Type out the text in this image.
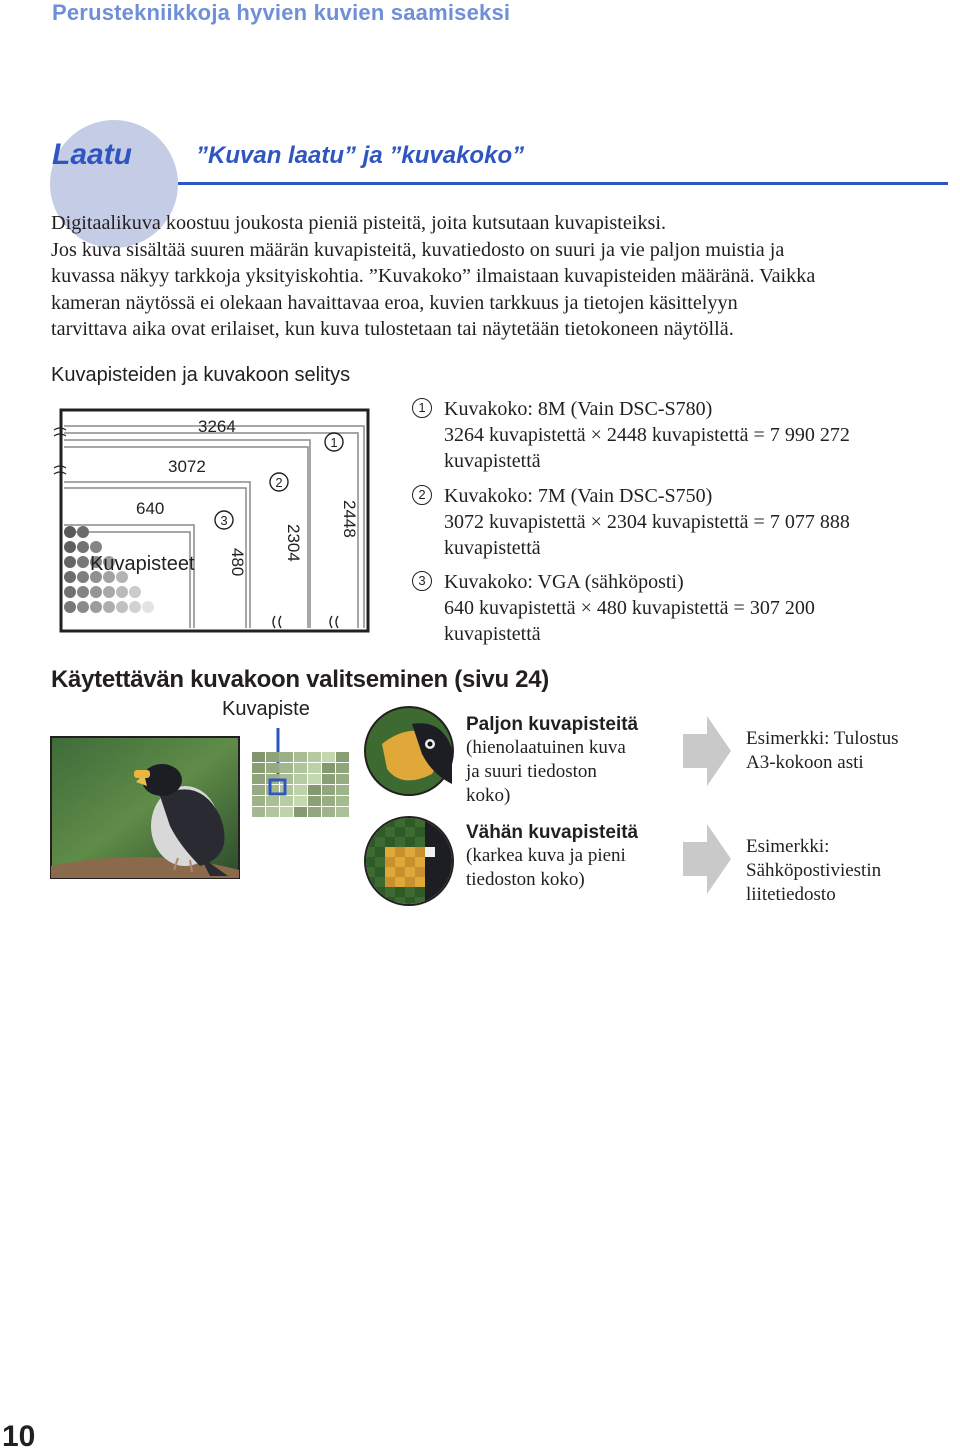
Perustekniikkoja hyvien kuvien saamiseksi
Laatu	”Kuvan laatu” ja ”kuvakoko”

Digitaalikuva koostuu joukosta pieniä pisteitä, joita kutsutaan kuvapisteiksi.

Jos kuva sisältää suuren määrän kuvapisteitä, kuvatiedosto on suuri ja vie paljon muistia ja

kuvassa näkyy tarkkoja yksityiskohtia. ”Kuvakoko” ilmaistaan kuvapisteiden määränä. Vaikka

kameran näytössä ei olekaan havaittavaa eroa, kuvien tarkkuus ja tietojen käsittelyyn

tarvittava aika ovat erilaiset, kun kuva tulostetaan tai näytetään tietokoneen näytöllä.

Kuvapisteiden ja kuvakoon selitys
3264
3072
640
Kuvapisteet
2448
2304
480
1
2
3
1 Kuvakoko: 8M (Vain DSC-S780)
3264 kuvapistettä × 2448 kuvapistettä = 7 990 272
kuvapistettä
2 Kuvakoko: 7M (Vain DSC-S750)
3072 kuvapistettä × 2304 kuvapistettä = 7 077 888
kuvapistettä
3 Kuvakoko: VGA (sähköposti)
640 kuvapistettä × 480 kuvapistettä = 307 200
kuvapistettä
Käytettävän kuvakoon valitseminen (sivu 24)
Kuvapiste
Paljon kuvapisteitä
(hienolaatuinen kuva
ja suuri tiedoston
koko)
Vähän kuvapisteitä
(karkea kuva ja pieni
tiedoston koko)
Esimerkki: Tulostus
A3-kokoon asti
Esimerkki:
Sähköpostiviestin
liitetiedosto
10
